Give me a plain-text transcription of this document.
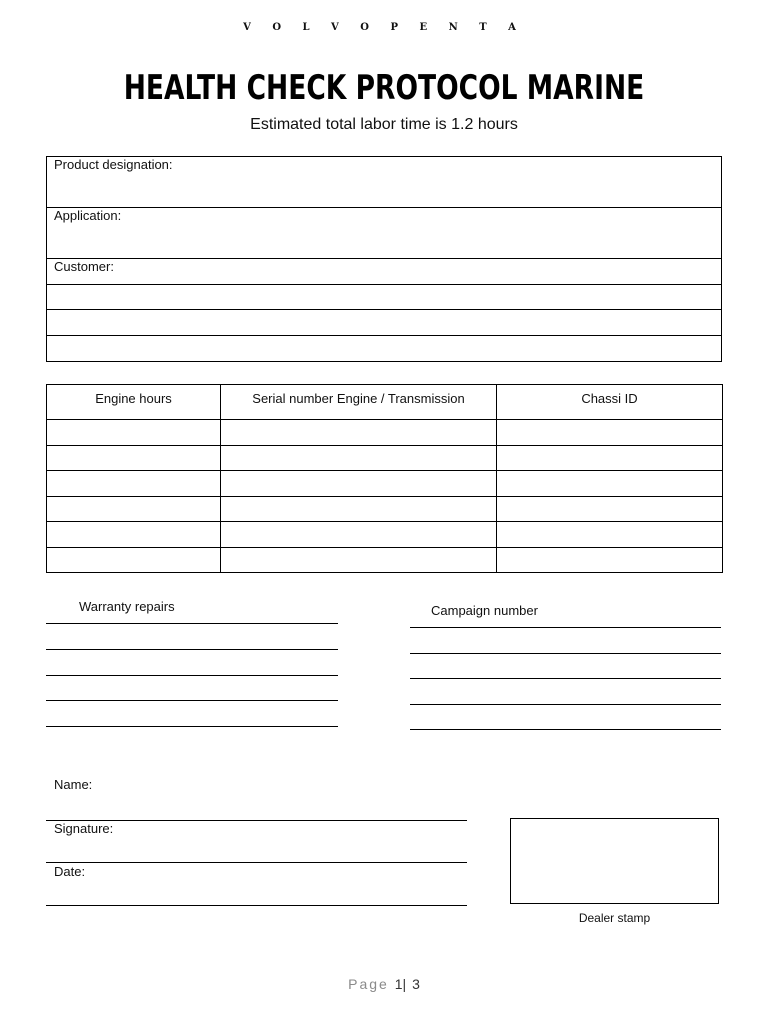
V O L V O P E N T A
HEALTH CHECK PROTOCOL MARINE
Estimated total labor time is 1.2 hours
Product designation:
Application:
Customer:
Engine hours	Serial number Engine / Transmission	Chassi ID

Warranty repairs	Campaign number
Name:
Signature:
Date:
Dealer stamp
Page 1| 3
